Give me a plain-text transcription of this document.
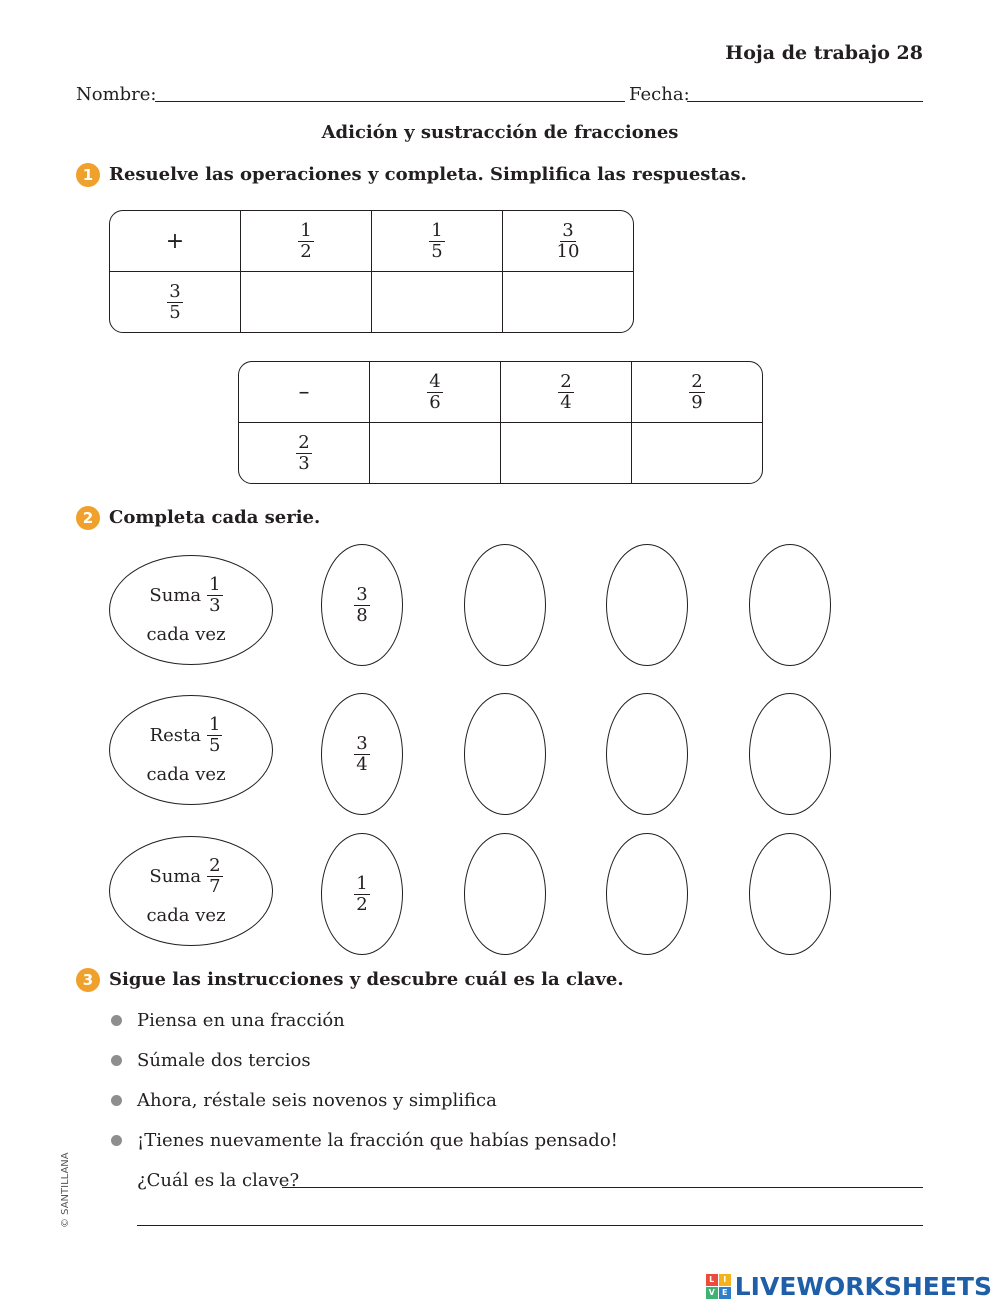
Hoja de trabajo 28
Nombre:	Fecha:
Adición y sustracción de fracciones
1 Resuelve las operaciones y completa. Simplifica las respuestas.
+	$\frac{1}{2}$	$\frac{1}{5}$	$\frac{3}{10}$

$\frac{3}{5}$

–	$\frac{4}{6}$	$\frac{2}{4}$	$\frac{2}{9}$

$\frac{2}{3}$

2 Completa cada serie.
Suma $\frac{1}{3}$
cada vez
$\frac{3}{8}$
Resta $\frac{1}{5}$
cada vez	$\frac{3}{4}$
Suma $\frac{2}{7}$
cada vez
$\frac{1}{2}$
3 Sigue las instrucciones y descubre cuál es la clave.
Piensa en una fracción
Súmale dos tercios
Ahora, réstale seis novenos y simplifica
¡Tienes nuevamente la fracción que habías pensado!
¿Cuál es la clave?
© SANTILLANA
L	I
V E LIVEWORKSHEETS
